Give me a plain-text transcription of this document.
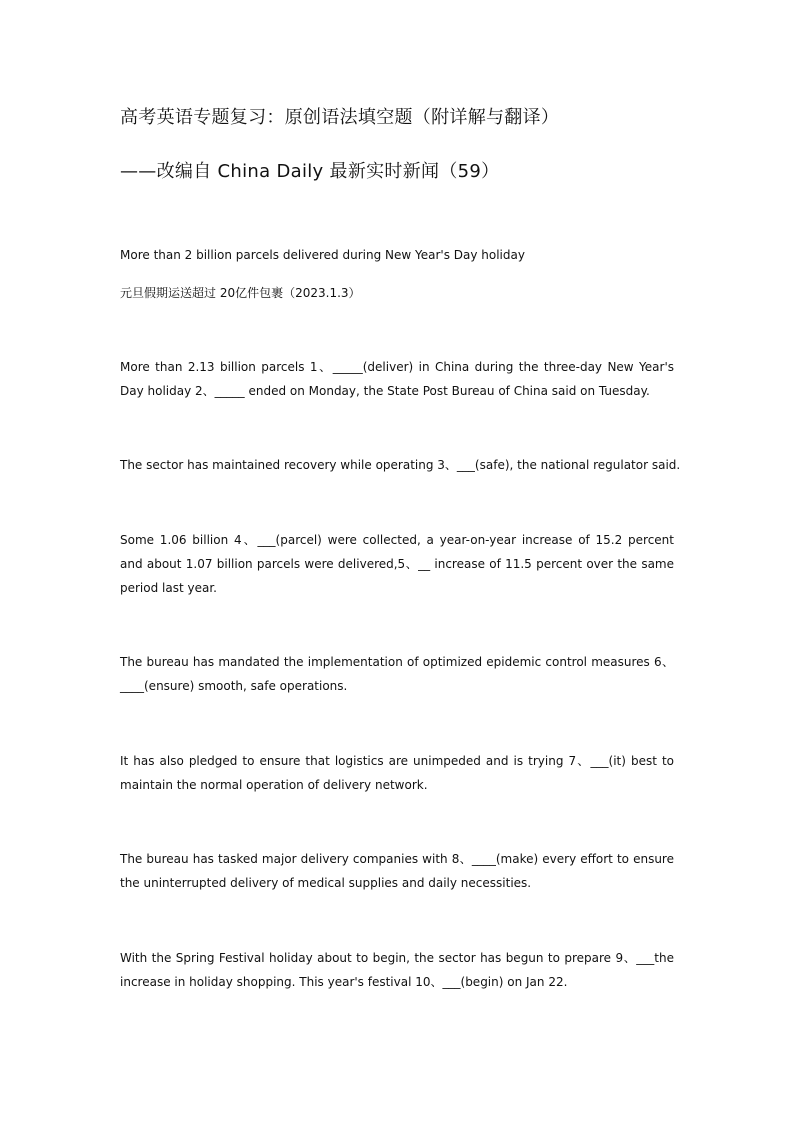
高考英语专题复习：原创语法填空题（附详解与翻译）
——改编自 China Daily 最新实时新闻（59）
More than 2 billion parcels delivered during New Year's Day holiday
元旦假期运送超过 20亿件包裹（2023.1.3）
More than 2.13 billion parcels 1、_____(deliver) in China during the three-day New Year's Day holiday 2、_____ ended on Monday, the State Post Bureau of China said on Tuesday.
The sector has maintained recovery while operating 3、___(safe), the national regulator said.
Some 1.06 billion 4、___(parcel) were collected, a year-on-year increase of 15.2 percent and about 1.07 billion parcels were delivered,5、__ increase of 11.5 percent over the same period last year.
The bureau has mandated the implementation of optimized epidemic control measures 6、____(ensure) smooth, safe operations.
It has also pledged to ensure that logistics are unimpeded and is trying 7、___(it) best to maintain the normal operation of delivery network.
The bureau has tasked major delivery companies with 8、____(make) every effort to ensure the uninterrupted delivery of medical supplies and daily necessities.
With the Spring Festival holiday about to begin, the sector has begun to prepare 9、___the increase in holiday shopping. This year's festival 10、___(begin) on Jan 22.
